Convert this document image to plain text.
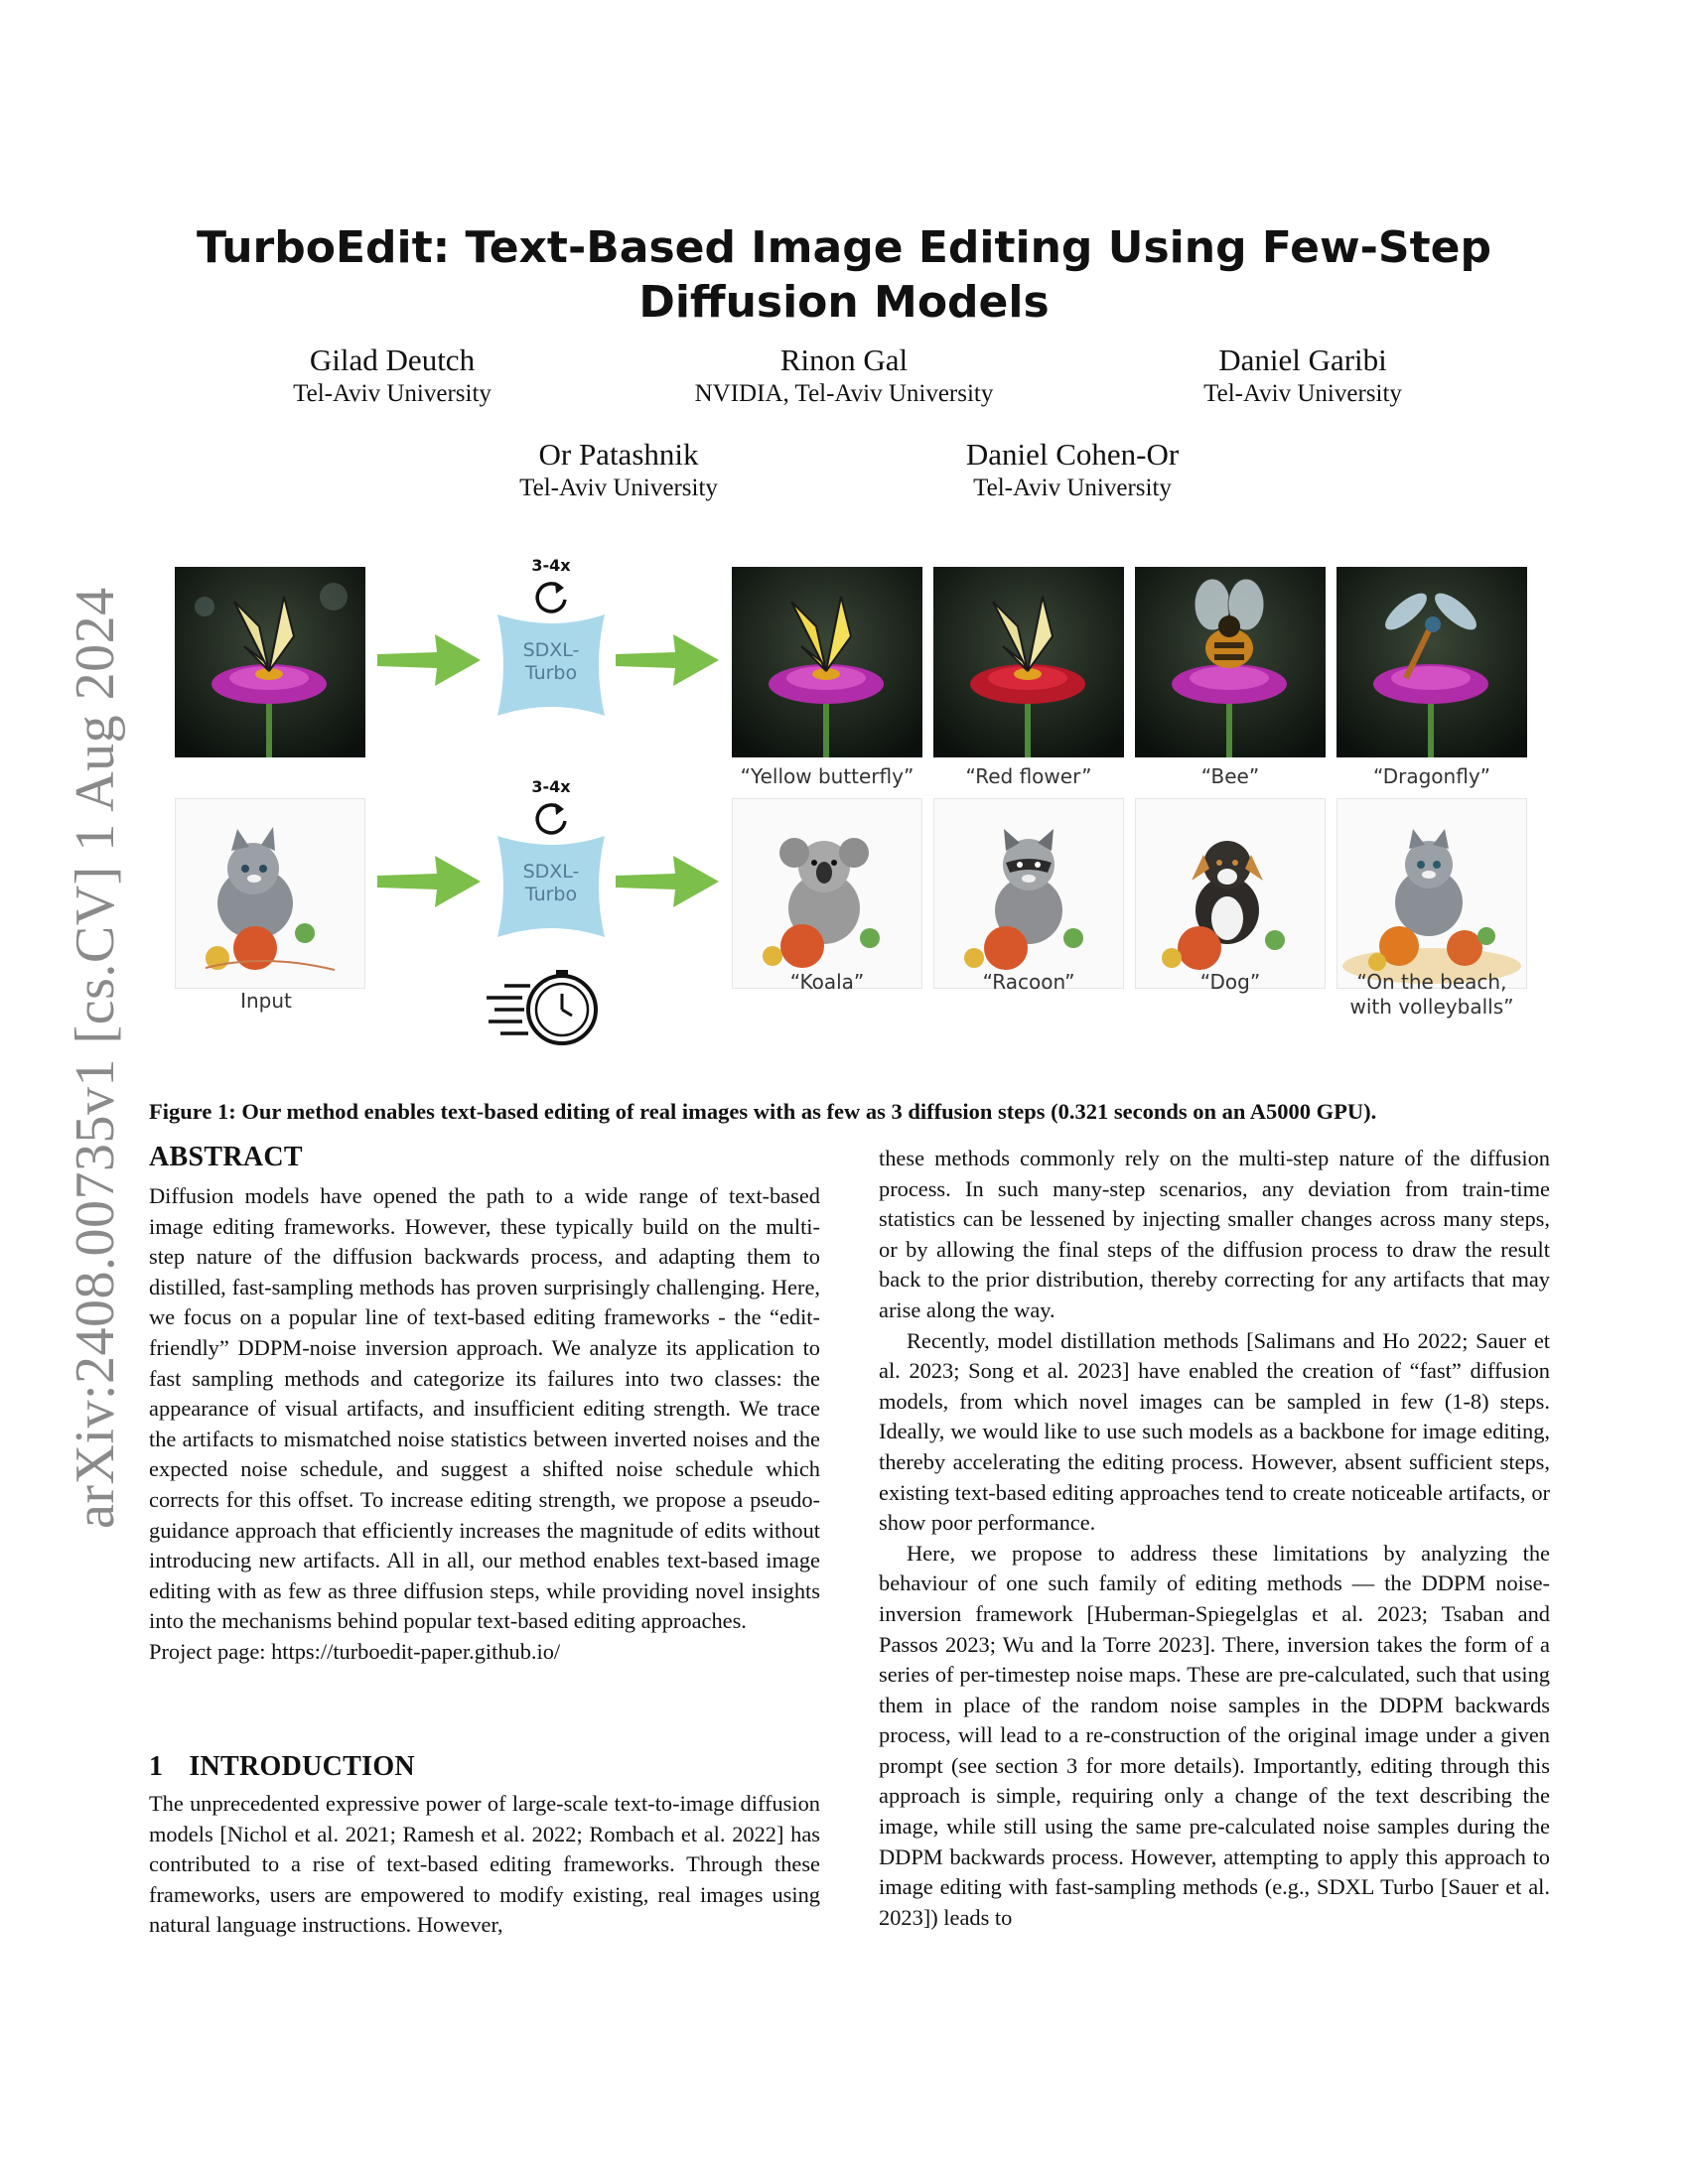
arXiv:2408.00735v1 [cs.CV] 1 Aug 2024
TurboEdit: Text-Based Image Editing Using Few-Step Diffusion Models
Gilad Deutch
Tel-Aviv University
Rinon Gal
NVIDIA, Tel-Aviv University
Daniel Garibi
Tel-Aviv University
Or Patashnik
Tel-Aviv University
Daniel Cohen-Or
Tel-Aviv University
Input
SDXL-
Turbo
SDXL-
Turbo
3-4x
3-4x	“Yellow butterfly”	“Red flower”	“Bee”	“Dragonfly”
“Koala”	“Racoon”	“Dog”	“On the beach,
with volleyballs”
Figure 1: Our method enables text-based editing of real images with as few as 3 diffusion steps (0.321 seconds on an A5000 GPU).
ABSTRACT

Diffusion models have opened the path to a wide range of text-based image editing frameworks. However, these typically build on the multi-step nature of the diffusion backwards process, and adapting them to distilled, fast-sampling methods has proven surprisingly challenging. Here, we focus on a popular line of text-based editing frameworks - the “edit-friendly” DDPM-noise inversion approach. We analyze its application to fast sampling methods and categorize its failures into two classes: the appearance of visual artifacts, and insufficient editing strength. We trace the artifacts to mismatched noise statistics between inverted noises and the expected noise schedule, and suggest a shifted noise schedule which corrects for this offset. To increase editing strength, we propose a pseudo-guidance approach that efficiently increases the magnitude of edits without introducing new artifacts. All in all, our method enables text-based image editing with as few as three diffusion steps, while providing novel insights into the mechanisms behind popular text-based editing approaches.

Project page: https://turboedit-paper.github.io/

1 INTRODUCTION

The unprecedented expressive power of large-scale text-to-image diffusion models [Nichol et al. 2021; Ramesh et al. 2022; Rombach et al. 2022] has contributed to a rise of text-based editing frameworks. Through these frameworks, users are empowered to modify existing, real images using natural language instructions. However,

these methods commonly rely on the multi-step nature of the diffusion process. In such many-step scenarios, any deviation from train-time statistics can be lessened by injecting smaller changes across many steps, or by allowing the final steps of the diffusion process to draw the result back to the prior distribution, thereby correcting for any artifacts that may arise along the way.

Recently, model distillation methods [Salimans and Ho 2022; Sauer et al. 2023; Song et al. 2023] have enabled the creation of “fast” diffusion models, from which novel images can be sampled in few (1-8) steps. Ideally, we would like to use such models as a backbone for image editing, thereby accelerating the editing process. However, absent sufficient steps, existing text-based editing approaches tend to create noticeable artifacts, or show poor performance.

Here, we propose to address these limitations by analyzing the behaviour of one such family of editing methods — the DDPM noise-inversion framework [Huberman-Spiegelglas et al. 2023; Tsaban and Passos 2023; Wu and la Torre 2023]. There, inversion takes the form of a series of per-timestep noise maps. These are pre-calculated, such that using them in place of the random noise samples in the DDPM backwards process, will lead to a re-construction of the original image under a given prompt (see section 3 for more details). Importantly, editing through this approach is simple, requiring only a change of the text describing the image, while still using the same pre-calculated noise samples during the DDPM backwards process. However, attempting to apply this approach to image editing with fast-sampling methods (e.g., SDXL Turbo [Sauer et al. 2023]) leads to
